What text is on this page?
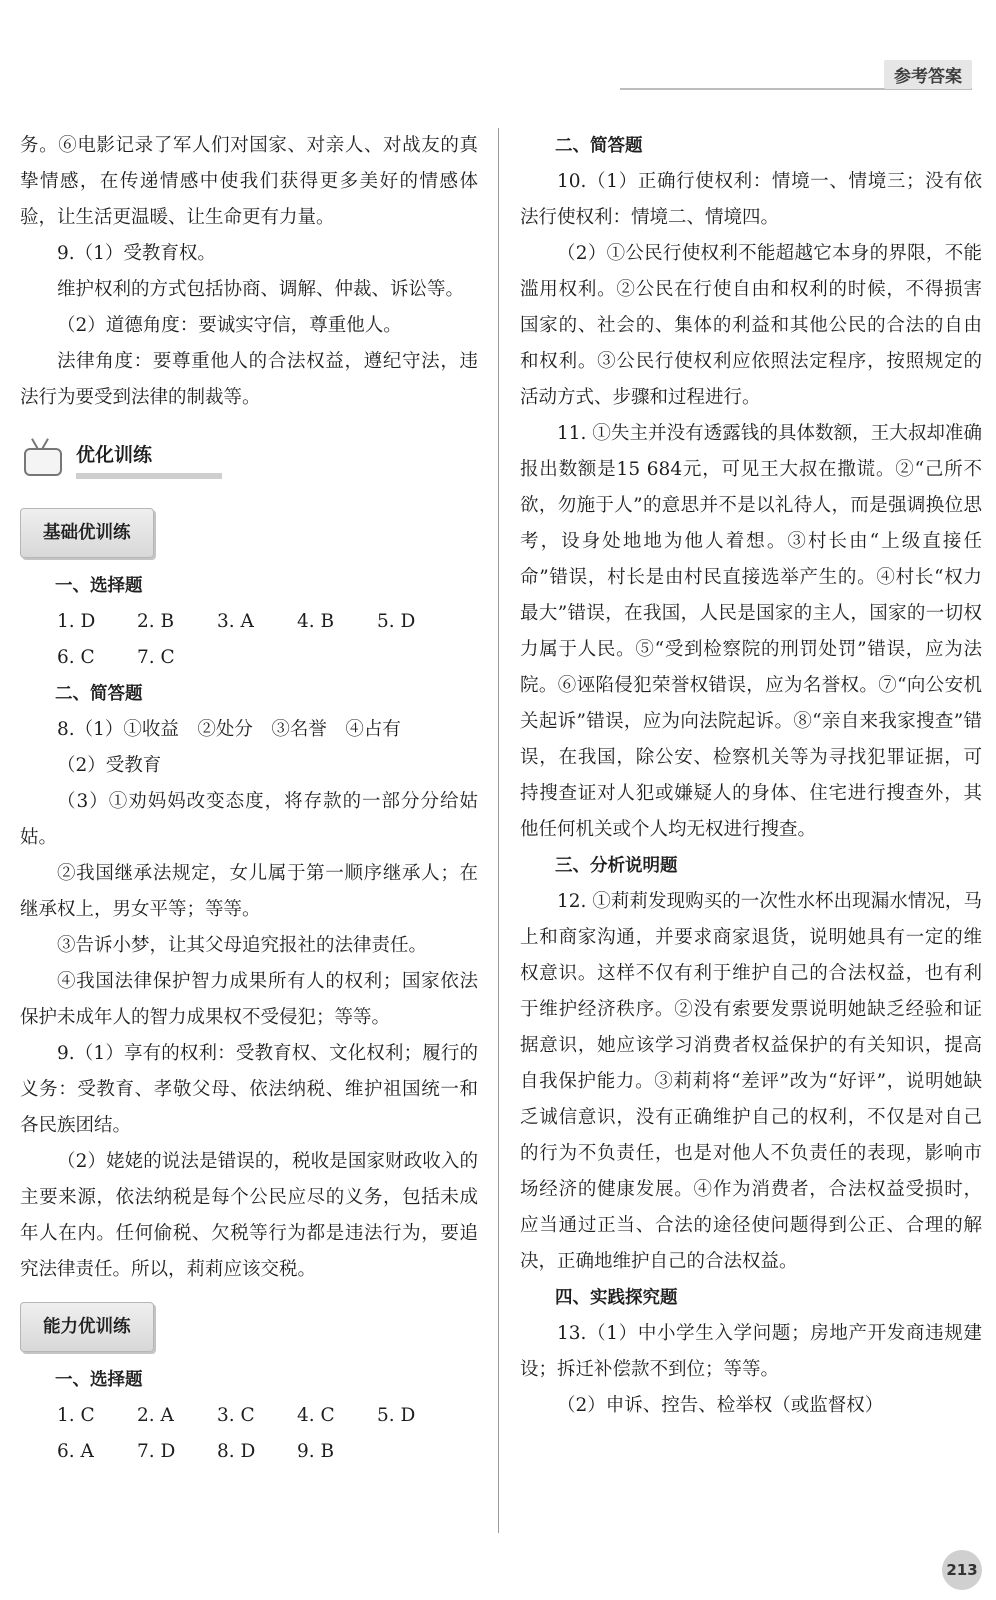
参考答案

务。⑥电影记录了军人们对国家、对亲人、对战友的真挚情感，在传递情感中使我们获得更多美好的情感体验，让生活更温暖、让生命更有力量。

9.（1）受教育权。

维护权利的方式包括协商、调解、仲裁、诉讼等。

（2）道德角度：要诚实守信，尊重他人。

法律角度：要尊重他人的合法权益，遵纪守法，违法行为要受到法律的制裁等。

优化训练
基础优训练

一、选择题

1. D	2. B	3. A	4. B	5. D
6. C	7. C

二、简答题

8.（1）①收益　②处分　③名誉　④占有

（2）受教育

（3）①劝妈妈改变态度，将存款的一部分分给姑姑。

②我国继承法规定，女儿属于第一顺序继承人；在继承权上，男女平等；等等。

③告诉小梦，让其父母追究报社的法律责任。

④我国法律保护智力成果所有人的权利；国家依法保护未成年人的智力成果权不受侵犯；等等。

9.（1）享有的权利：受教育权、文化权利；履行的义务：受教育、孝敬父母、依法纳税、维护祖国统一和各民族团结。

（2）姥姥的说法是错误的，税收是国家财政收入的主要来源，依法纳税是每个公民应尽的义务，包括未成年人在内。任何偷税、欠税等行为都是违法行为，要追究法律责任。所以，莉莉应该交税。

能力优训练

一、选择题

1. C	2. A	3. C	4. C	5. D
6. A	7. D	8. D	9. B

二、简答题

10.（1）正确行使权利：情境一、情境三；没有依法行使权利：情境二、情境四。

（2）①公民行使权利不能超越它本身的界限，不能滥用权利。②公民在行使自由和权利的时候，不得损害国家的、社会的、集体的利益和其他公民的合法的自由和权利。③公民行使权利应依照法定程序，按照规定的活动方式、步骤和过程进行。

11. ①失主并没有透露钱的具体数额，王大叔却准确报出数额是15 684元，可见王大叔在撒谎。②“己所不欲，勿施于人”的意思并不是以礼待人，而是强调换位思考，设身处地地为他人着想。③村长由“上级直接任命”错误，村长是由村民直接选举产生的。④村长“权力最大”错误，在我国，人民是国家的主人，国家的一切权力属于人民。⑤“受到检察院的刑罚处罚”错误，应为法院。⑥诬陷侵犯荣誉权错误，应为名誉权。⑦“向公安机关起诉”错误，应为向法院起诉。⑧“亲自来我家搜查”错误，在我国，除公安、检察机关等为寻找犯罪证据，可持搜查证对人犯或嫌疑人的身体、住宅进行搜查外，其他任何机关或个人均无权进行搜查。

三、分析说明题

12. ①莉莉发现购买的一次性水杯出现漏水情况，马上和商家沟通，并要求商家退货，说明她具有一定的维权意识。这样不仅有利于维护自己的合法权益，也有利于维护经济秩序。②没有索要发票说明她缺乏经验和证据意识，她应该学习消费者权益保护的有关知识，提高自我保护能力。③莉莉将“差评”改为“好评”，说明她缺乏诚信意识，没有正确维护自己的权利，不仅是对自己的行为不负责任，也是对他人不负责任的表现，影响市场经济的健康发展。④作为消费者，合法权益受损时，应当通过正当、合法的途径使问题得到公正、合理的解决，正确地维护自己的合法权益。

四、实践探究题

13.（1）中小学生入学问题；房地产开发商违规建设；拆迁补偿款不到位；等等。

（2）申诉、控告、检举权（或监督权）

213
